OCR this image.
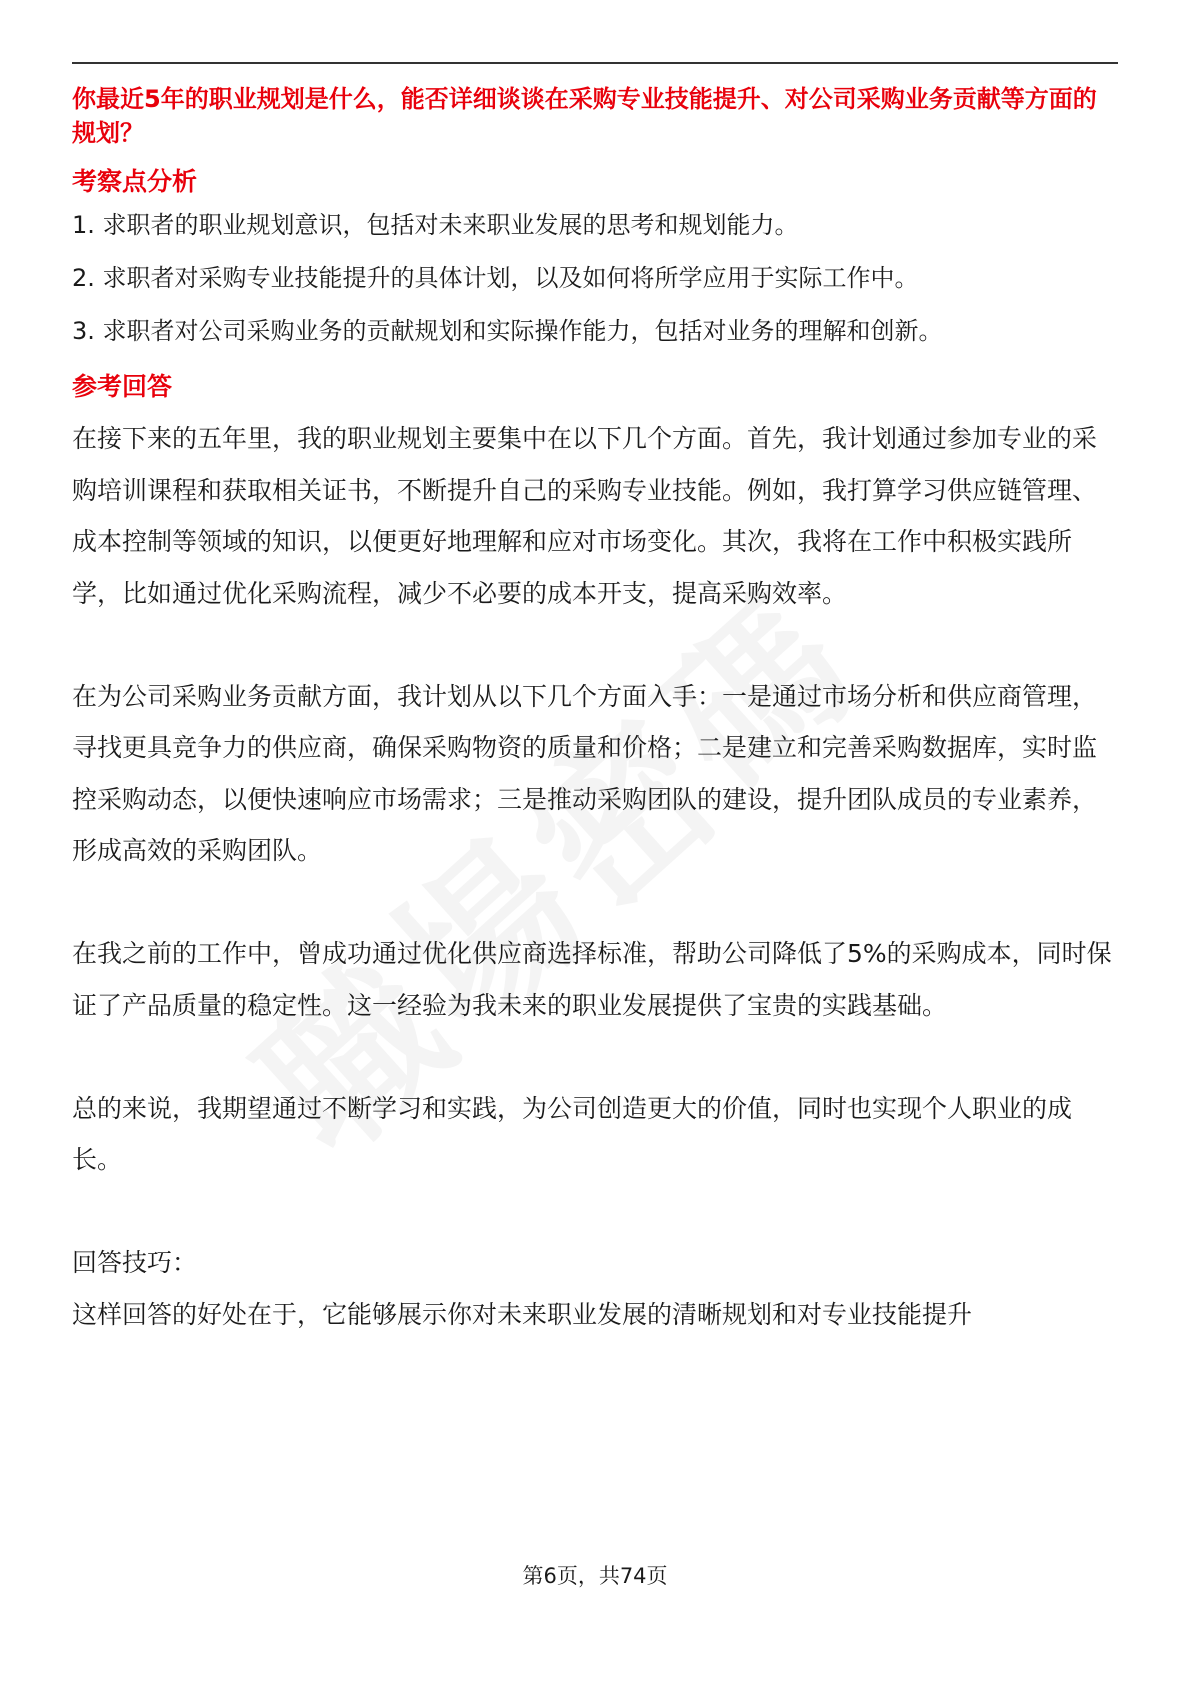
你最近5年的职业规划是什么，能否详细谈谈在采购专业技能提升、对公司采购业务贡献等方面的规划？

考察点分析

1. 求职者的职业规划意识，包括对未来职业发展的思考和规划能力。

2. 求职者对采购专业技能提升的具体计划，以及如何将所学应用于实际工作中。

3. 求职者对公司采购业务的贡献规划和实际操作能力，包括对业务的理解和创新。

参考回答

在接下来的五年里，我的职业规划主要集中在以下几个方面。首先，我计划通过参加专业的采购培训课程和获取相关证书，不断提升自己的采购专业技能。例如，我打算学习供应链管理、成本控制等领域的知识，以便更好地理解和应对市场变化。其次，我将在工作中积极实践所学，比如通过优化采购流程，减少不必要的成本开支，提高采购效率。

在为公司采购业务贡献方面，我计划从以下几个方面入手：一是通过市场分析和供应商管理，寻找更具竞争力的供应商，确保采购物资的质量和价格；二是建立和完善采购数据库，实时监控采购动态，以便快速响应市场需求；三是推动采购团队的建设，提升团队成员的专业素养，形成高效的采购团队。

在我之前的工作中，曾成功通过优化供应商选择标准，帮助公司降低了5%的采购成本，同时保证了产品质量的稳定性。这一经验为我未来的职业发展提供了宝贵的实践基础。

总的来说，我期望通过不断学习和实践，为公司创造更大的价值，同时也实现个人职业的成长。

回答技巧：

这样回答的好处在于，它能够展示你对未来职业发展的清晰规划和对专业技能提升

第6页，共74页
